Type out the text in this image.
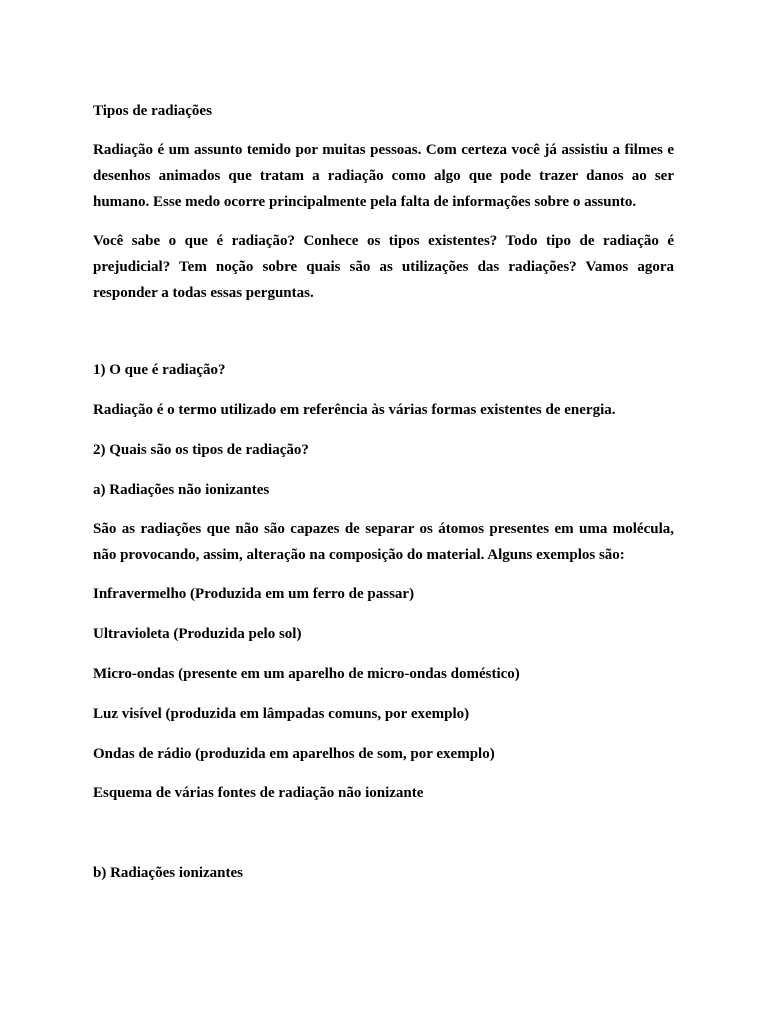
Tipos de radiações

Radiação é um assunto temido por muitas pessoas. Com certeza você já assistiu a filmes e desenhos animados que tratam a radiação como algo que pode trazer danos ao ser humano. Esse medo ocorre principalmente pela falta de informações sobre o assunto.

Você sabe o que é radiação? Conhece os tipos existentes? Todo tipo de radiação é prejudicial? Tem noção sobre quais são as utilizações das radiações? Vamos agora responder a todas essas perguntas.

1) O que é radiação?

Radiação é o termo utilizado em referência às várias formas existentes de energia.

2) Quais são os tipos de radiação?

a) Radiações não ionizantes

São as radiações que não são capazes de separar os átomos presentes em uma molécula, não provocando, assim, alteração na composição do material. Alguns exemplos são:

Infravermelho (Produzida em um ferro de passar)

Ultravioleta (Produzida pelo sol)

Micro-ondas (presente em um aparelho de micro-ondas doméstico)

Luz visível (produzida em lâmpadas comuns, por exemplo)

Ondas de rádio (produzida em aparelhos de som, por exemplo)

Esquema de várias fontes de radiação não ionizante

b) Radiações ionizantes
